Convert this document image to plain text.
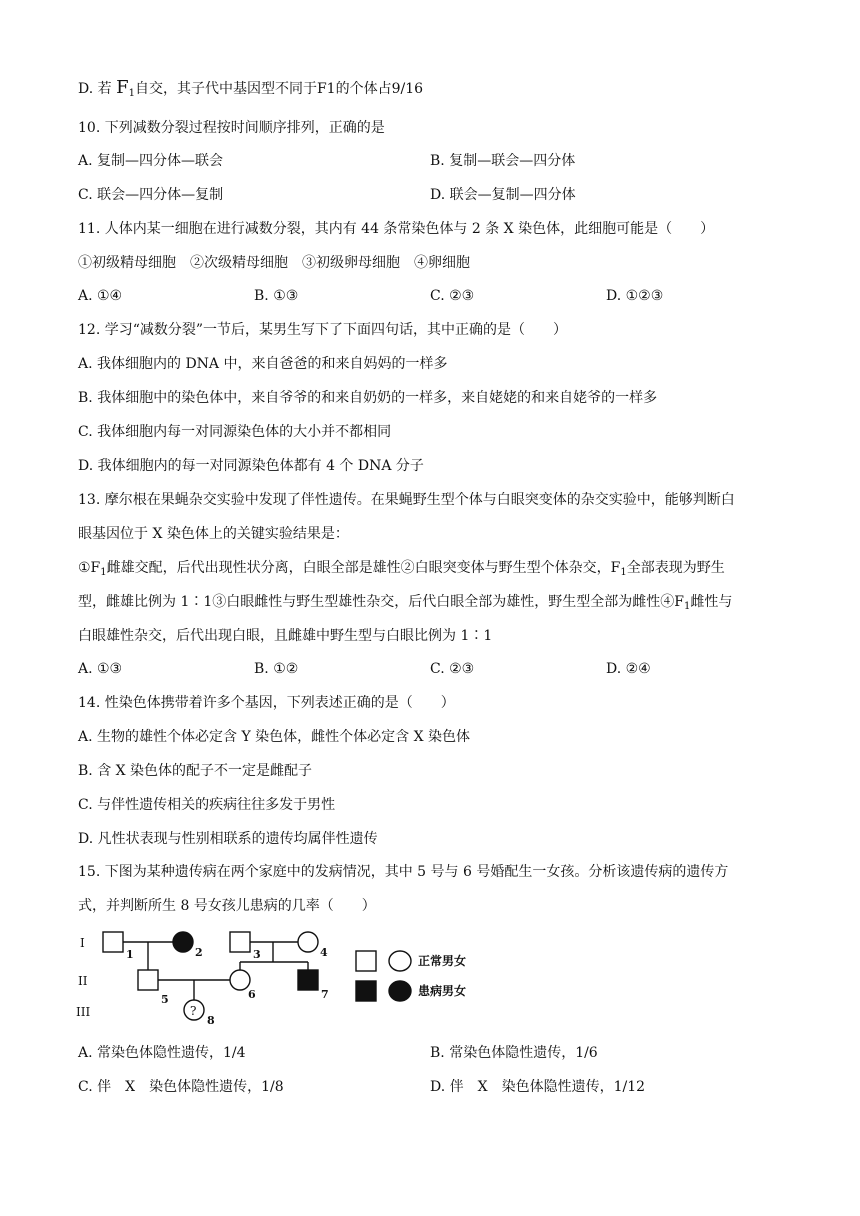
D. 若 $F_1$自交，其子代中基因型不同于F1的个体占9/16
10. 下列减数分裂过程按时间顺序排列，正确的是
A. 复制—四分体—联会	B. 复制—联会—四分体
C. 联会—四分体—复制	D. 联会—复制—四分体
11. 人体内某一细胞在进行减数分裂，其内有 44 条常染色体与 2 条 X 染色体，此细胞可能是（　　）
①初级精母细胞　②次级精母细胞　③初级卵母细胞　④卵细胞
A. ①④	B. ①③	C. ②③	D. ①②③
12. 学习“减数分裂”一节后，某男生写下了下面四句话，其中正确的是（　　）
A. 我体细胞内的 DNA 中，来自爸爸的和来自妈妈的一样多
B. 我体细胞中的染色体中，来自爷爷的和来自奶奶的一样多，来自姥姥的和来自姥爷的一样多
C. 我体细胞内每一对同源染色体的大小并不都相同
D. 我体细胞内的每一对同源染色体都有 4 个 DNA 分子
13. 摩尔根在果蝇杂交实验中发现了伴性遗传。在果蝇野生型个体与白眼突变体的杂交实验中，能够判断白
眼基因位于 X 染色体上的关键实验结果是：
$①F_1$雌雄交配，后代出现性状分离，白眼全部是雄性②白眼突变体与野生型个体杂交，$F_1$全部表现为野生
型，雌雄比例为 1∶1③白眼雌性与野生型雄性杂交，后代白眼全部为雄性，野生型全部为雌性$④F_1$雌性与
白眼雄性杂交，后代出现白眼，且雌雄中野生型与白眼比例为 1∶1
A. ①③	B. ①②	C. ②③	D. ②④
14. 性染色体携带着许多个基因，下列表述正确的是（　　）
A. 生物的雄性个体必定含 Y 染色体，雌性个体必定含 X 染色体
B. 含 X 染色体的配子不一定是雌配子
C. 与伴性遗传相关的疾病往往多发于男性
D. 凡性状表现与性别相联系的遗传均属伴性遗传
15. 下图为某种遗传病在两个家庭中的发病情况，其中 5 号与 6 号婚配生一女孩。分析该遗传病的遗传方
式，并判断所生 8 号女孩儿患病的几率（　　）
I
II
III
1	2	3	4
5	6	7
8
?
正常男女
患病男女
A. 常染色体隐性遗传，1/4	B. 常染色体隐性遗传，1/6
C. 伴　X　染色体隐性遗传，1/8	D. 伴　X　染色体隐性遗传，1/12
